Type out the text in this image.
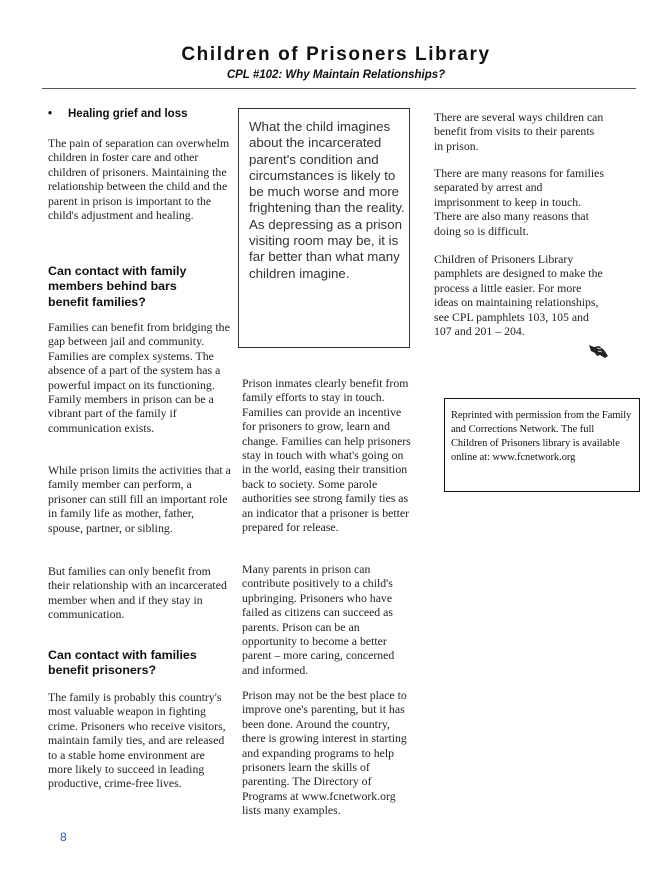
Children of Prisoners Library
CPL #102: Why Maintain Relationships?
• Healing grief and loss

The pain of separation can overwhelm children in foster care and other children of prisoners. Maintaining the relationship between the child and the parent in prison is important to the child's adjustment and healing.

Can contact with family members behind bars benefit families?

Families can benefit from bridging the gap between jail and community. Families are complex systems. The absence of a part of the system has a powerful impact on its functioning. Family members in prison can be a vibrant part of the family if communication exists.

While prison limits the activities that a family member can perform, a prisoner can still fill an important role in family life as mother, father, spouse, partner, or sibling.

But families can only benefit from their relationship with an incarcerated member when and if they stay in communication.

Can contact with families benefit prisoners?

The family is probably this country's most valuable weapon in fighting crime. Prisoners who receive visitors, maintain family ties, and are released to a stable home environment are more likely to succeed in leading productive, crime-free lives.

What the child imagines about the incarcerated parent's condition and circumstances is likely to be much worse and more frightening than the reality. As depressing as a prison visiting room may be, it is far better than what many children imagine.

Prison inmates clearly benefit from family efforts to stay in touch. Families can provide an incentive for prisoners to grow, learn and change. Families can help prisoners stay in touch with what's going on in the world, easing their transition back to society. Some parole authorities see strong family ties as an indicator that a prisoner is better prepared for release.

Many parents in prison can contribute positively to a child's upbringing. Prisoners who have failed as citizens can succeed as parents. Prison can be an opportunity to become a better parent – more caring, concerned and informed.

Prison may not be the best place to improve one's parenting, but it has been done. Around the country, there is growing interest in starting and expanding programs to help prisoners learn the skills of parenting. The Directory of Programs at www.fcnetwork.org lists many examples.

There are several ways children can benefit from visits to their parents in prison.

There are many reasons for families separated by arrest and imprisonment to keep in touch. There are also many reasons that doing so is difficult.

Children of Prisoners Library pamphlets are designed to make the process a little easier. For more ideas on maintaining relationships, see CPL pamphlets 103, 105 and 107 and 201 – 204.

Reprinted with permission from the Family and Corrections Network. The full Children of Prisoners library is available online at: www.fcnetwork.org
8
